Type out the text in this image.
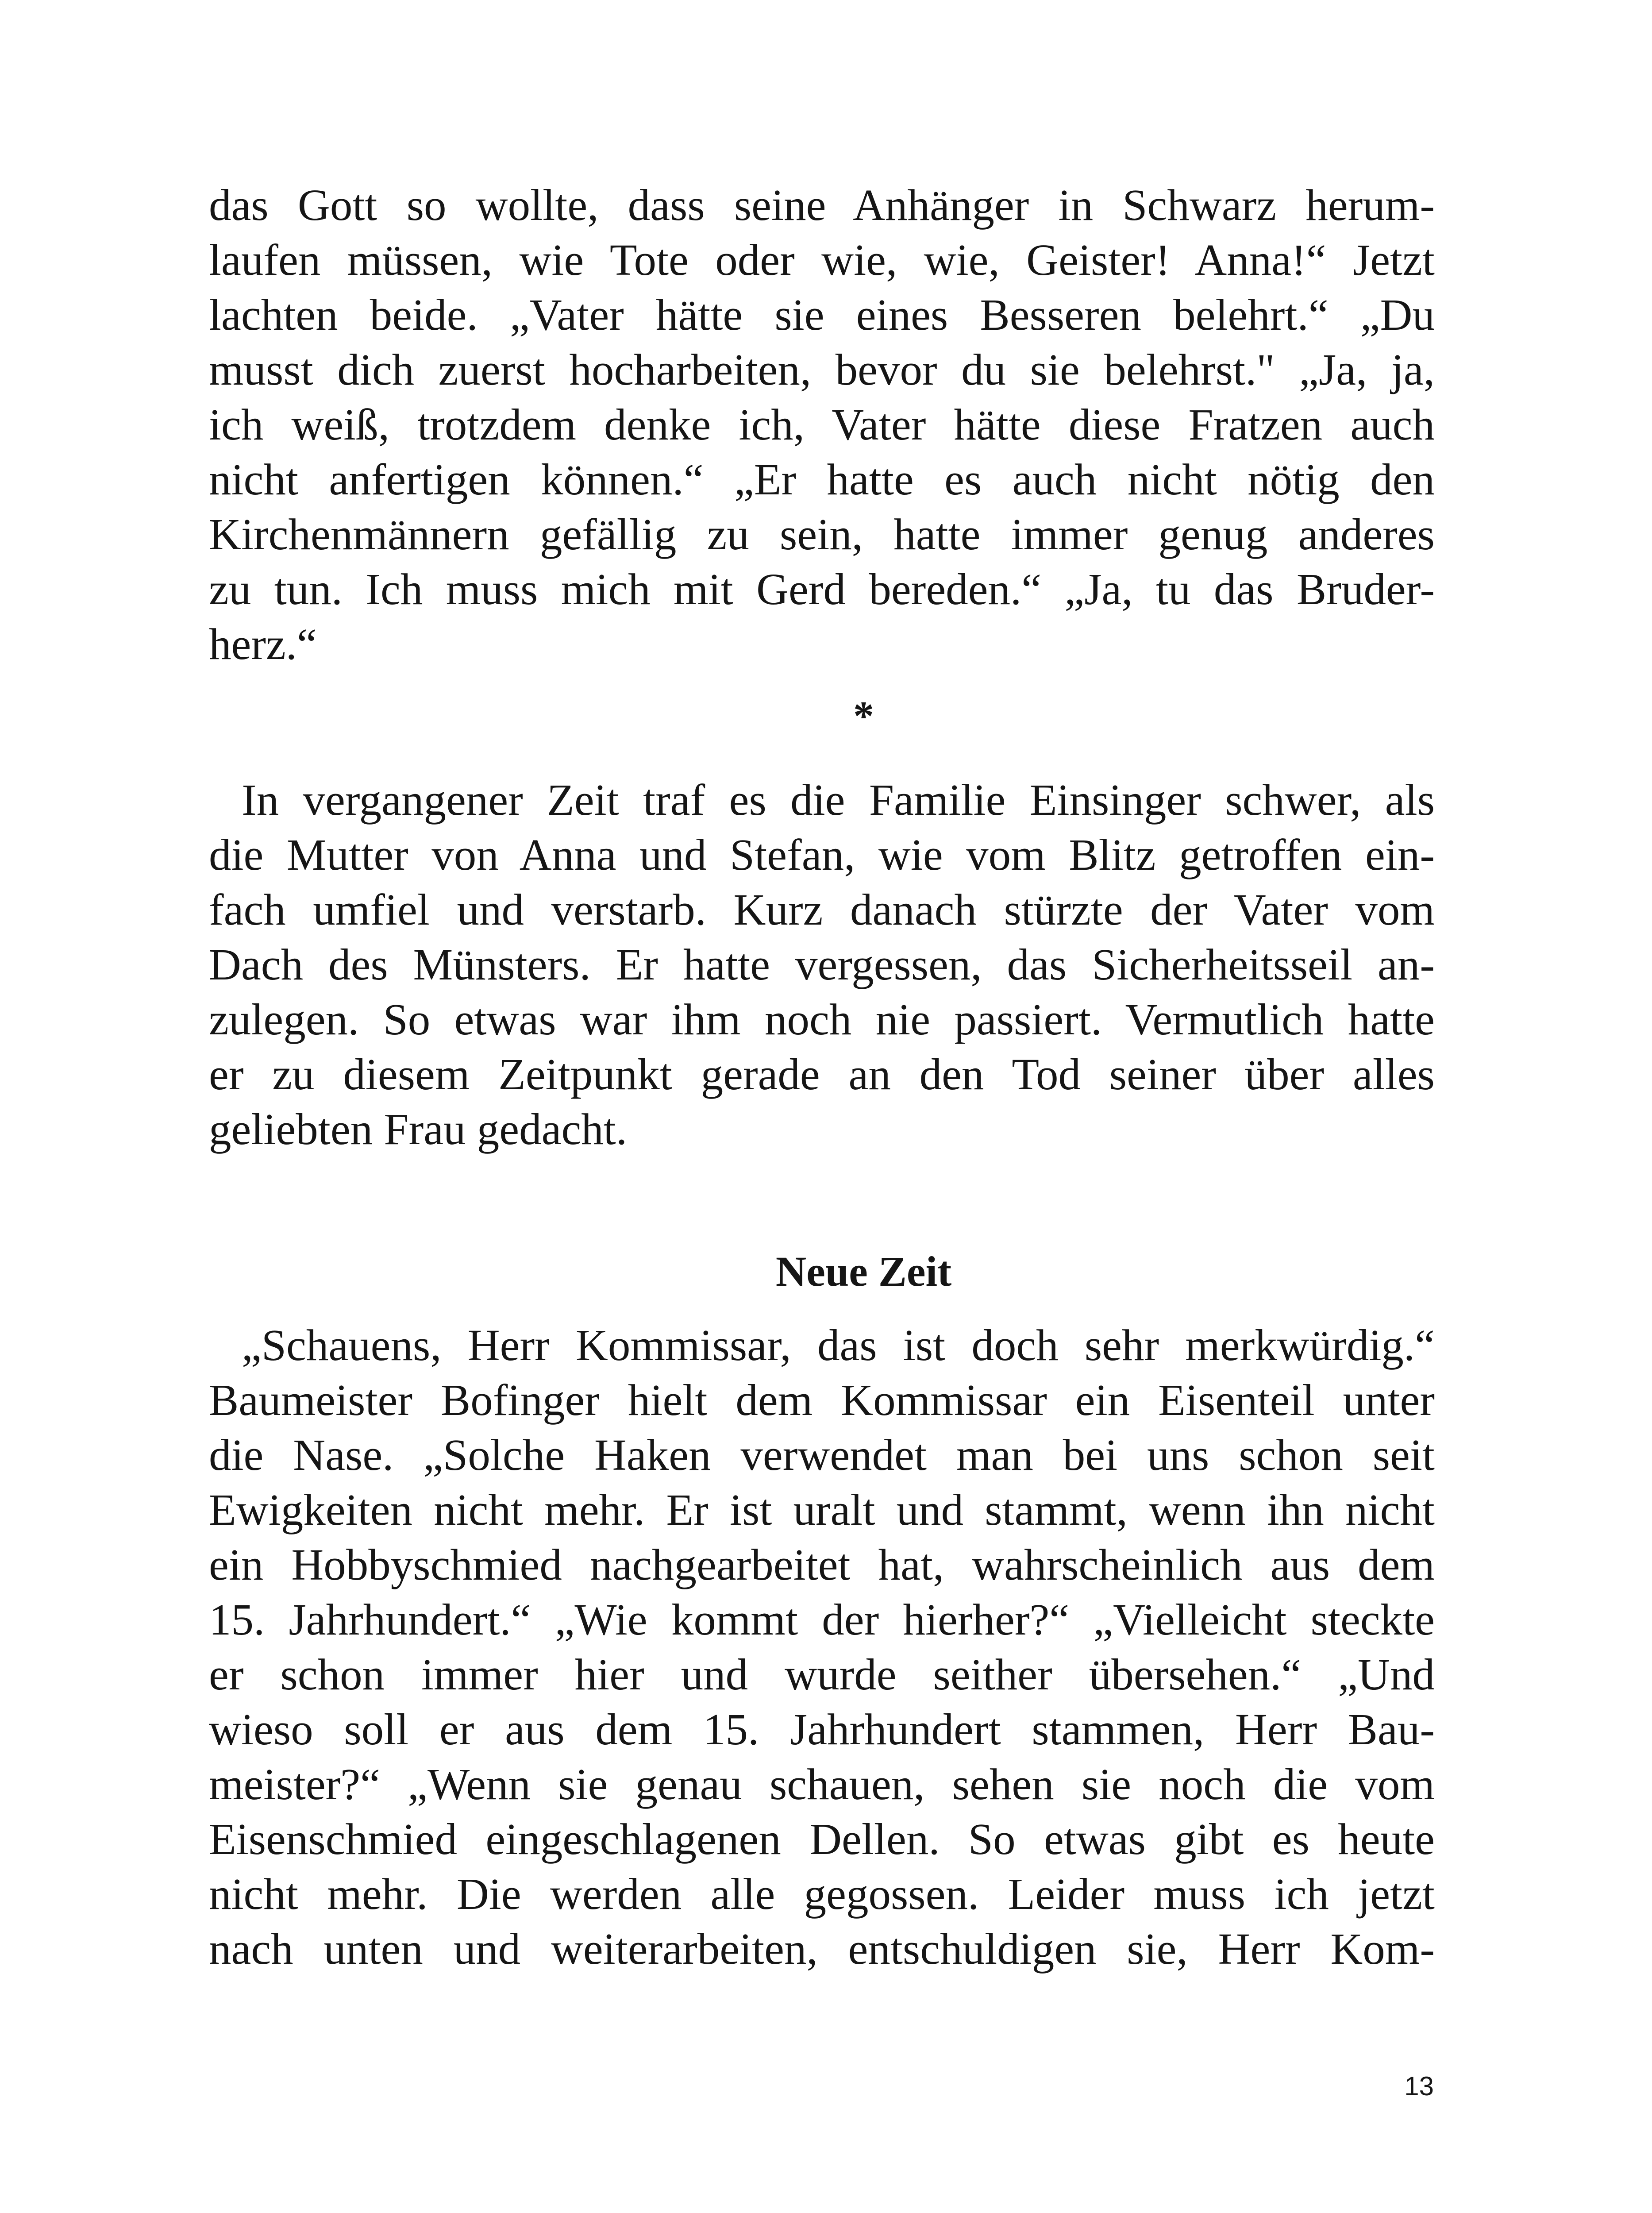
das Gott so wollte, dass seine Anhänger in Schwarz herum-
laufen müssen, wie Tote oder wie, wie, Geister! Anna!“ Jetzt
lachten beide. „Vater hätte sie eines Besseren belehrt.“ „Du
musst dich zuerst hocharbeiten, bevor du sie belehrst." „Ja, ja,
ich weiß, trotzdem denke ich, Vater hätte diese Fratzen auch
nicht anfertigen können.“ „Er hatte es auch nicht nötig den
Kirchenmännern gefällig zu sein, hatte immer genug anderes
zu tun. Ich muss mich mit Gerd bereden.“ „Ja, tu das Bruder-
herz.“
*
In vergangener Zeit traf es die Familie Einsinger schwer, als
die Mutter von Anna und Stefan, wie vom Blitz getroffen ein-
fach umfiel und verstarb. Kurz danach stürzte der Vater vom
Dach des Münsters. Er hatte vergessen, das Sicherheitsseil an-
zulegen. So etwas war ihm noch nie passiert. Vermutlich hatte
er zu diesem Zeitpunkt gerade an den Tod seiner über alles
geliebten Frau gedacht.
Neue Zeit
„Schauens, Herr Kommissar, das ist doch sehr merkwürdig.“
Baumeister Bofinger hielt dem Kommissar ein Eisenteil unter
die Nase. „Solche Haken verwendet man bei uns schon seit
Ewigkeiten nicht mehr. Er ist uralt und stammt, wenn ihn nicht
ein Hobbyschmied nachgearbeitet hat, wahrscheinlich aus dem
15. Jahrhundert.“ „Wie kommt der hierher?“ „Vielleicht steckte
er schon immer hier und wurde seither übersehen.“ „Und
wieso soll er aus dem 15. Jahrhundert stammen, Herr Bau-
meister?“ „Wenn sie genau schauen, sehen sie noch die vom
Eisenschmied eingeschlagenen Dellen. So etwas gibt es heute
nicht mehr. Die werden alle gegossen. Leider muss ich jetzt
nach unten und weiterarbeiten, entschuldigen sie, Herr Kom-
13
